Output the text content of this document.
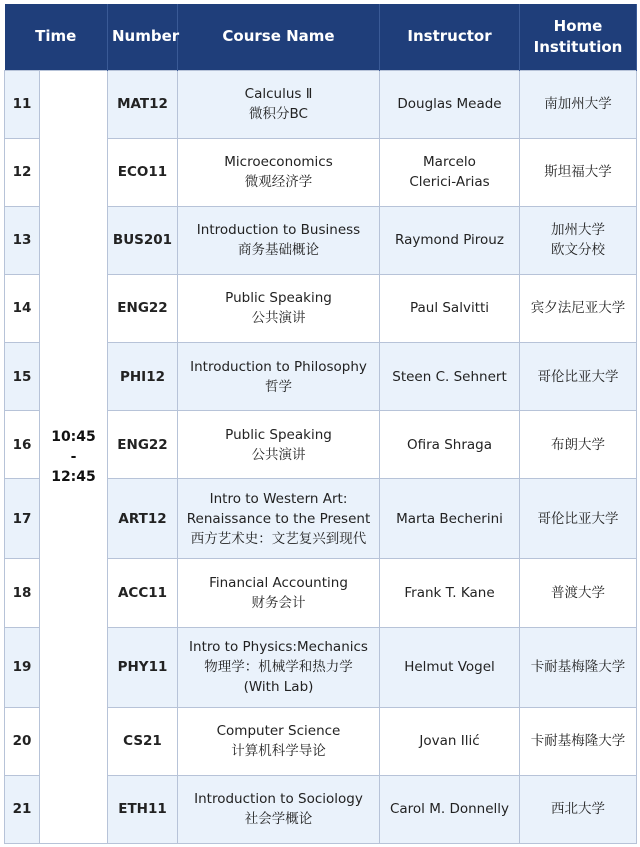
Time		Number	Course Name	Instructor	Home
Institution

11	10:45
-
12:45	MAT12	Calculus Ⅱ
微积分BC	Douglas Meade	南加州大学

12		ECO11	Microeconomics
微观经济学	Marcelo
Clerici-Arias	斯坦福大学

13		BUS201	Introduction to Business
商务基础概论	Raymond Pirouz	加州大学
欧文分校

14		ENG22	Public Speaking
公共演讲	Paul Salvitti	宾夕法尼亚大学

15		PHI12	Introduction to Philosophy
哲学	Steen C. Sehnert	哥伦比亚大学

16		ENG22	Public Speaking
公共演讲	Ofira Shraga	布朗大学

17		ART12	Intro to Western Art:
Renaissance to the Present
西方艺术史：文艺复兴到现代	Marta Becherini	哥伦比亚大学

18		ACC11	Financial Accounting
财务会计	Frank T. Kane	普渡大学

19		PHY11	Intro to Physics:Mechanics
物理学：机械学和热力学
(With Lab)	Helmut Vogel	卡耐基梅隆大学

20		CS21	Computer Science
计算机科学导论	Jovan Ilić	卡耐基梅隆大学

21		ETH11	Introduction to Sociology
社会学概论	Carol M. Donnelly	西北大学
